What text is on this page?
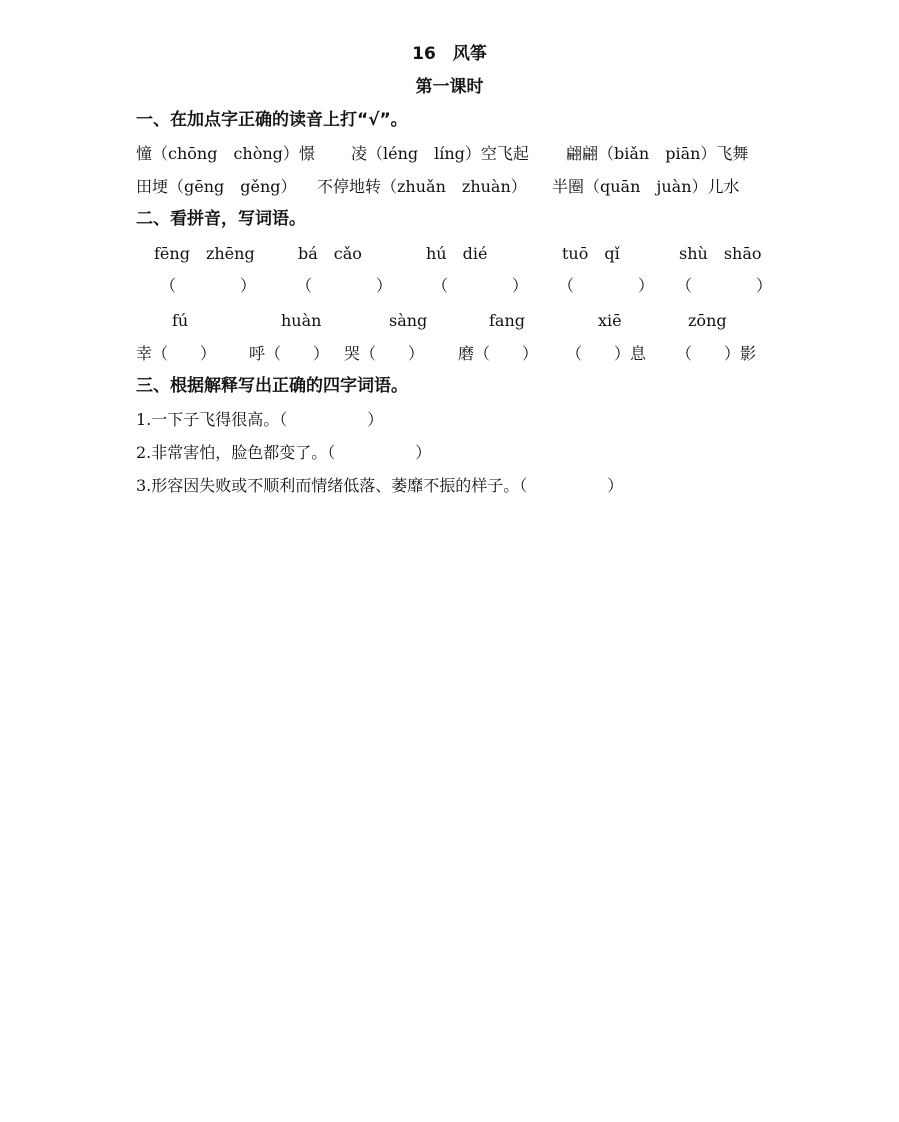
16　风筝
第一课时
一、在加点字正确的读音上打“√”。
憧（chōng　chòng）憬 凌（léng　líng）空飞起 翩翩（biǎn　piān）飞舞
田埂（gēng　gěng） 不停地转（zhuǎn　zhuàn） 半圈（quān　juàn）儿水
二、看拼音，写词语。
fēng　zhēng	bá　cǎo	hú　dié	tuō　qǐ	shù　shāo
（　　　　） （　　　　） （　　　　） （　　　　） （　　　　）
fú	huàn	sàng	fang	xiē	zōng
幸（　　） 呼（　　） 哭（　　） 磨（　　） （　　）息 （　　）影
三、根据解释写出正确的四字词语。
1.一下子飞得很高。（　　　　　）
2.非常害怕，脸色都变了。（　　　　　）
3.形容因失败或不顺利而情绪低落、萎靡不振的样子。（　　　　　）
